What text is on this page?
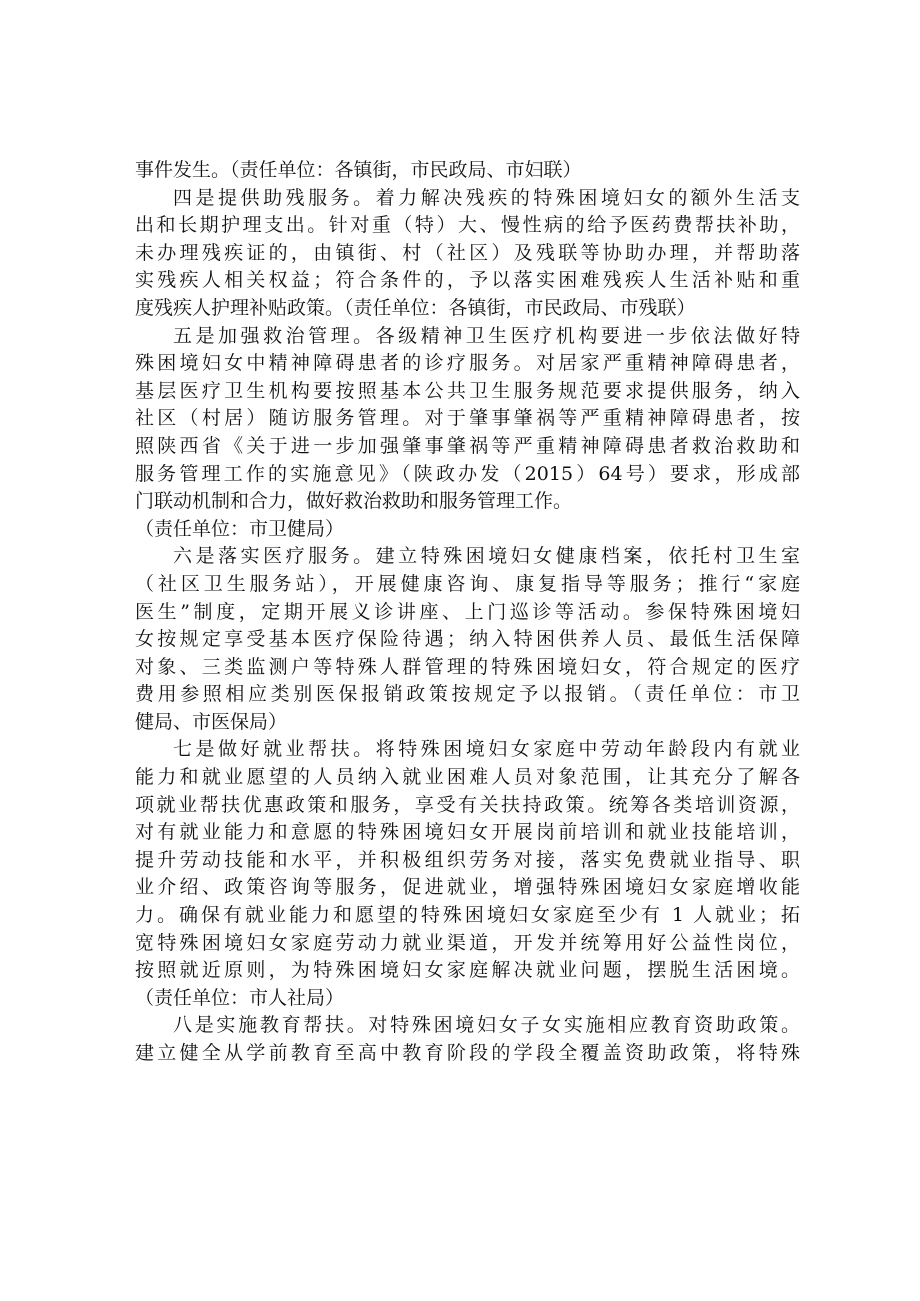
事件发生。（责任单位：各镇街，市民政局、市妇联）
四是提供助残服务。着力解决残疾的特殊困境妇女的额外生活支
出和长期护理支出。针对重（特）大、慢性病的给予医药费帮扶补助，
未办理残疾证的，由镇街、村（社区）及残联等协助办理，并帮助落
实残疾人相关权益；符合条件的，予以落实困难残疾人生活补贴和重
度残疾人护理补贴政策。（责任单位：各镇街，市民政局、市残联）
五是加强救治管理。各级精神卫生医疗机构要进一步依法做好特
殊困境妇女中精神障碍患者的诊疗服务。对居家严重精神障碍患者，
基层医疗卫生机构要按照基本公共卫生服务规范要求提供服务，纳入
社区（村居）随访服务管理。对于肇事肇祸等严重精神障碍患者，按
照陕西省《关于进一步加强肇事肇祸等严重精神障碍患者救治救助和
服务管理工作的实施意见》（陕政办发（2015）64号）要求，形成部
门联动机制和合力，做好救治救助和服务管理工作。
（责任单位：市卫健局）
六是落实医疗服务。建立特殊困境妇女健康档案，依托村卫生室
（社区卫生服务站），开展健康咨询、康复指导等服务；推行“家庭
医生”制度，定期开展义诊讲座、上门巡诊等活动。参保特殊困境妇
女按规定享受基本医疗保险待遇；纳入特困供养人员、最低生活保障
对象、三类监测户等特殊人群管理的特殊困境妇女，符合规定的医疗
费用参照相应类别医保报销政策按规定予以报销。（责任单位：市卫
健局、市医保局）
七是做好就业帮扶。将特殊困境妇女家庭中劳动年龄段内有就业
能力和就业愿望的人员纳入就业困难人员对象范围，让其充分了解各
项就业帮扶优惠政策和服务，享受有关扶持政策。统筹各类培训资源，
对有就业能力和意愿的特殊困境妇女开展岗前培训和就业技能培训，
提升劳动技能和水平，并积极组织劳务对接，落实免费就业指导、职
业介绍、政策咨询等服务，促进就业，增强特殊困境妇女家庭增收能
力。确保有就业能力和愿望的特殊困境妇女家庭至少有 1 人就业；拓
宽特殊困境妇女家庭劳动力就业渠道，开发并统筹用好公益性岗位，
按照就近原则，为特殊困境妇女家庭解决就业问题，摆脱生活困境。
（责任单位：市人社局）
八是实施教育帮扶。对特殊困境妇女子女实施相应教育资助政策。
建立健全从学前教育至高中教育阶段的学段全覆盖资助政策，将特殊
